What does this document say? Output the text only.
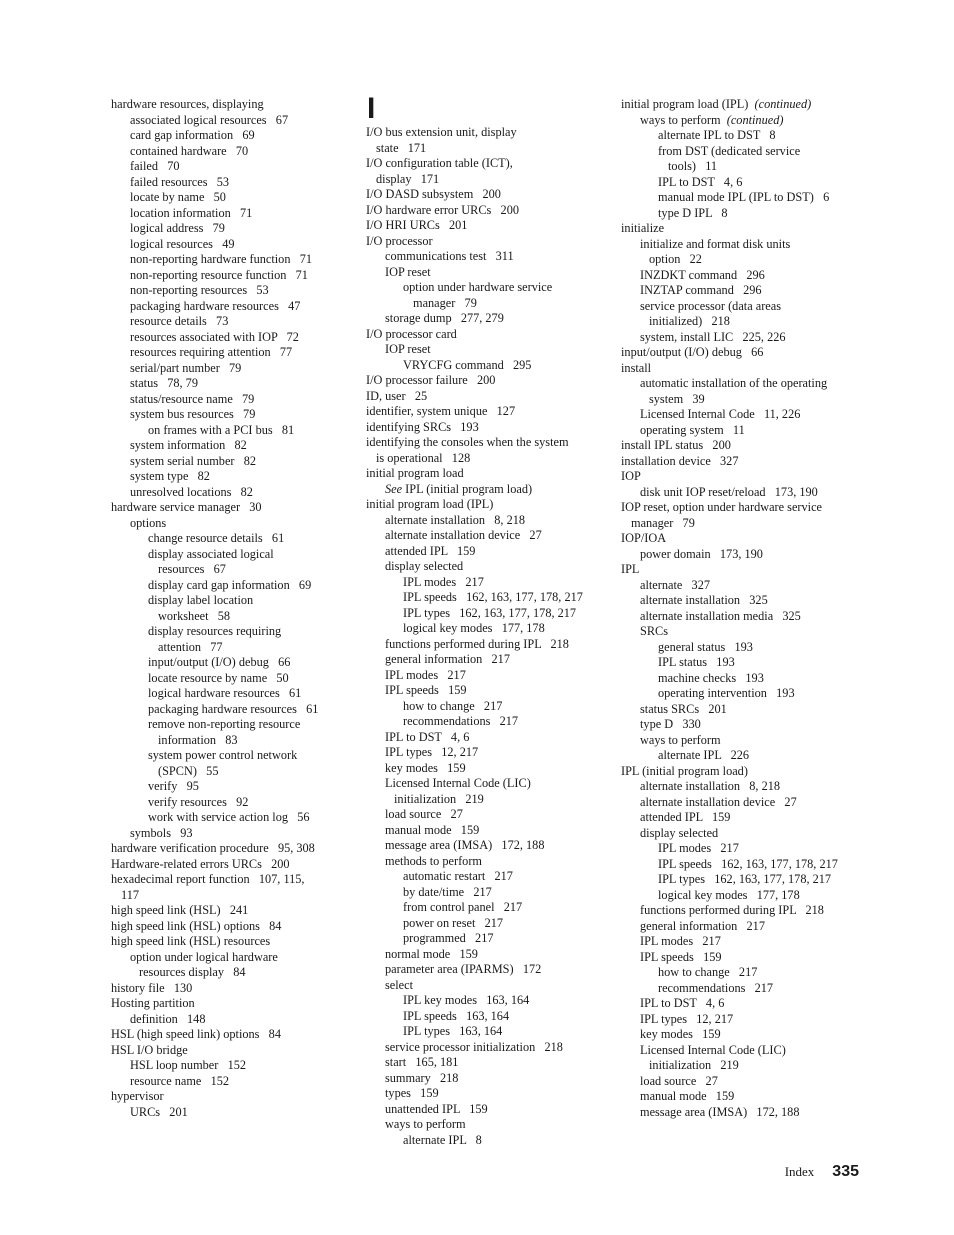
hardware resources, displaying
associated logical resources   67
card gap information   69
contained hardware   70
failed   70
failed resources   53
locate by name   50
location information   71
logical address   79
logical resources   49
non-reporting hardware function   71
non-reporting resource function   71
non-reporting resources   53
packaging hardware resources   47
resource details   73
resources associated with IOP   72
resources requiring attention   77
serial/part number   79
status   78, 79
status/resource name   79
system bus resources   79
on frames with a PCI bus   81
system information   82
system serial number   82
system type   82
unresolved locations   82
hardware service manager   30
options
change resource details   61
display associated logical
resources   67
display card gap information   69
display label location
worksheet   58
display resources requiring
attention   77
input/output (I/O) debug   66
locate resource by name   50
logical hardware resources   61
packaging hardware resources   61
remove non-reporting resource
information   83
system power control network
(SPCN)   55
verify   95
verify resources   92
work with service action log   56
symbols   93
hardware verification procedure   95, 308
Hardware-related errors URCs   200
hexadecimal report function   107, 115,
117
high speed link (HSL)   241
high speed link (HSL) options   84
high speed link (HSL) resources
option under logical hardware
resources display   84
history file   130
Hosting partition
definition   148
HSL (high speed link) options   84
HSL I/O bridge
HSL loop number   152
resource name   152
hypervisor
URCs   201
I
I/O bus extension unit, display
state   171
I/O configuration table (ICT),
display   171
I/O DASD subsystem   200
I/O hardware error URCs   200
I/O HRI URCs   201
I/O processor
communications test   311
IOP reset
option under hardware service
manager   79
storage dump   277, 279
I/O processor card
IOP reset
VRYCFG command   295
I/O processor failure   200
ID, user   25
identifier, system unique   127
identifying SRCs   193
identifying the consoles when the system
is operational   128
initial program load
See IPL (initial program load)
initial program load (IPL)
alternate installation   8, 218
alternate installation device   27
attended IPL   159
display selected
IPL modes   217
IPL speeds   162, 163, 177, 178, 217
IPL types   162, 163, 177, 178, 217
logical key modes   177, 178
functions performed during IPL   218
general information   217
IPL modes   217
IPL speeds   159
how to change   217
recommendations   217
IPL to DST   4, 6
IPL types   12, 217
key modes   159
Licensed Internal Code (LIC)
initialization   219
load source   27
manual mode   159
message area (IMSA)   172, 188
methods to perform
automatic restart   217
by date/time   217
from control panel   217
power on reset   217
programmed   217
normal mode   159
parameter area (IPARMS)   172
select
IPL key modes   163, 164
IPL speeds   163, 164
IPL types   163, 164
service processor initialization   218
start   165, 181
summary   218
types   159
unattended IPL   159
ways to perform
alternate IPL   8
initial program load (IPL)  (continued)
ways to perform  (continued)
alternate IPL to DST   8
from DST (dedicated service
tools)   11
IPL to DST   4, 6
manual mode IPL (IPL to DST)   6
type D IPL   8
initialize
initialize and format disk units
option   22
INZDKT command   296
INZTAP command   296
service processor (data areas
initialized)   218
system, install LIC   225, 226
input/output (I/O) debug   66
install
automatic installation of the operating
system   39
Licensed Internal Code   11, 226
operating system   11
install IPL status   200
installation device   327
IOP
disk unit IOP reset/reload   173, 190
IOP reset, option under hardware service
manager   79
IOP/IOA
power domain   173, 190
IPL
alternate   327
alternate installation   325
alternate installation media   325
SRCs
general status   193
IPL status   193
machine checks   193
operating intervention   193
status SRCs   201
type D   330
ways to perform
alternate IPL   226
IPL (initial program load)
alternate installation   8, 218
alternate installation device   27
attended IPL   159
display selected
IPL modes   217
IPL speeds   162, 163, 177, 178, 217
IPL types   162, 163, 177, 178, 217
logical key modes   177, 178
functions performed during IPL   218
general information   217
IPL modes   217
IPL speeds   159
how to change   217
recommendations   217
IPL to DST   4, 6
IPL types   12, 217
key modes   159
Licensed Internal Code (LIC)
initialization   219
load source   27
manual mode   159
message area (IMSA)   172, 188
Index 335
